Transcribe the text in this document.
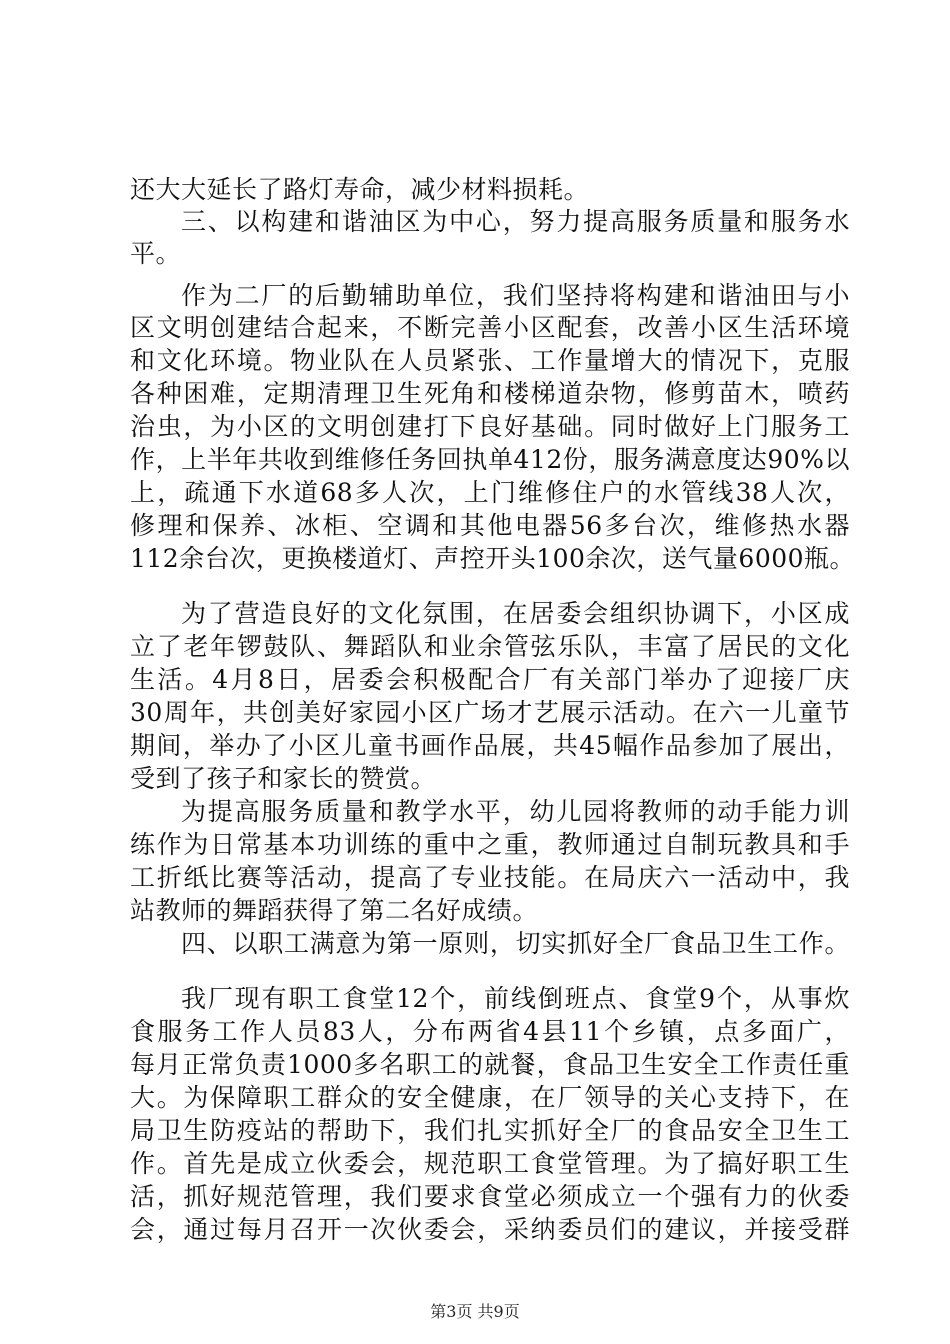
还大大延长了路灯寿命，减少材料损耗。
三、以构建和谐油区为中心，努力提高服务质量和服务水
平。
作为二厂的后勤辅助单位，我们坚持将构建和谐油田与小
区文明创建结合起来，不断完善小区配套，改善小区生活环境
和文化环境。物业队在人员紧张、工作量增大的情况下，克服
各种困难，定期清理卫生死角和楼梯道杂物，修剪苗木，喷药
治虫，为小区的文明创建打下良好基础。同时做好上门服务工
作，上半年共收到维修任务回执单412份，服务满意度达90%以
上，疏通下水道68多人次，上门维修住户的水管线38人次，
修理和保养、冰柜、空调和其他电器56多台次，维修热水器
112余台次，更换楼道灯、声控开头100余次，送气量6000瓶。
为了营造良好的文化氛围，在居委会组织协调下，小区成
立了老年锣鼓队、舞蹈队和业余管弦乐队，丰富了居民的文化
生活。4月8日，居委会积极配合厂有关部门举办了迎接厂庆
30周年，共创美好家园小区广场才艺展示活动。在六一儿童节
期间，举办了小区儿童书画作品展，共45幅作品参加了展出，
受到了孩子和家长的赞赏。
为提高服务质量和教学水平，幼儿园将教师的动手能力训
练作为日常基本功训练的重中之重，教师通过自制玩教具和手
工折纸比赛等活动，提高了专业技能。在局庆六一活动中，我
站教师的舞蹈获得了第二名好成绩。
四、以职工满意为第一原则，切实抓好全厂食品卫生工作。
我厂现有职工食堂12个，前线倒班点、食堂9个，从事炊
食服务工作人员83人，分布两省4县11个乡镇，点多面广，
每月正常负责1000多名职工的就餐，食品卫生安全工作责任重
大。为保障职工群众的安全健康，在厂领导的关心支持下，在
局卫生防疫站的帮助下，我们扎实抓好全厂的食品安全卫生工
作。首先是成立伙委会，规范职工食堂管理。为了搞好职工生
活，抓好规范管理，我们要求食堂必须成立一个强有力的伙委
会，通过每月召开一次伙委会，采纳委员们的建议，并接受群
第3页 共9页
